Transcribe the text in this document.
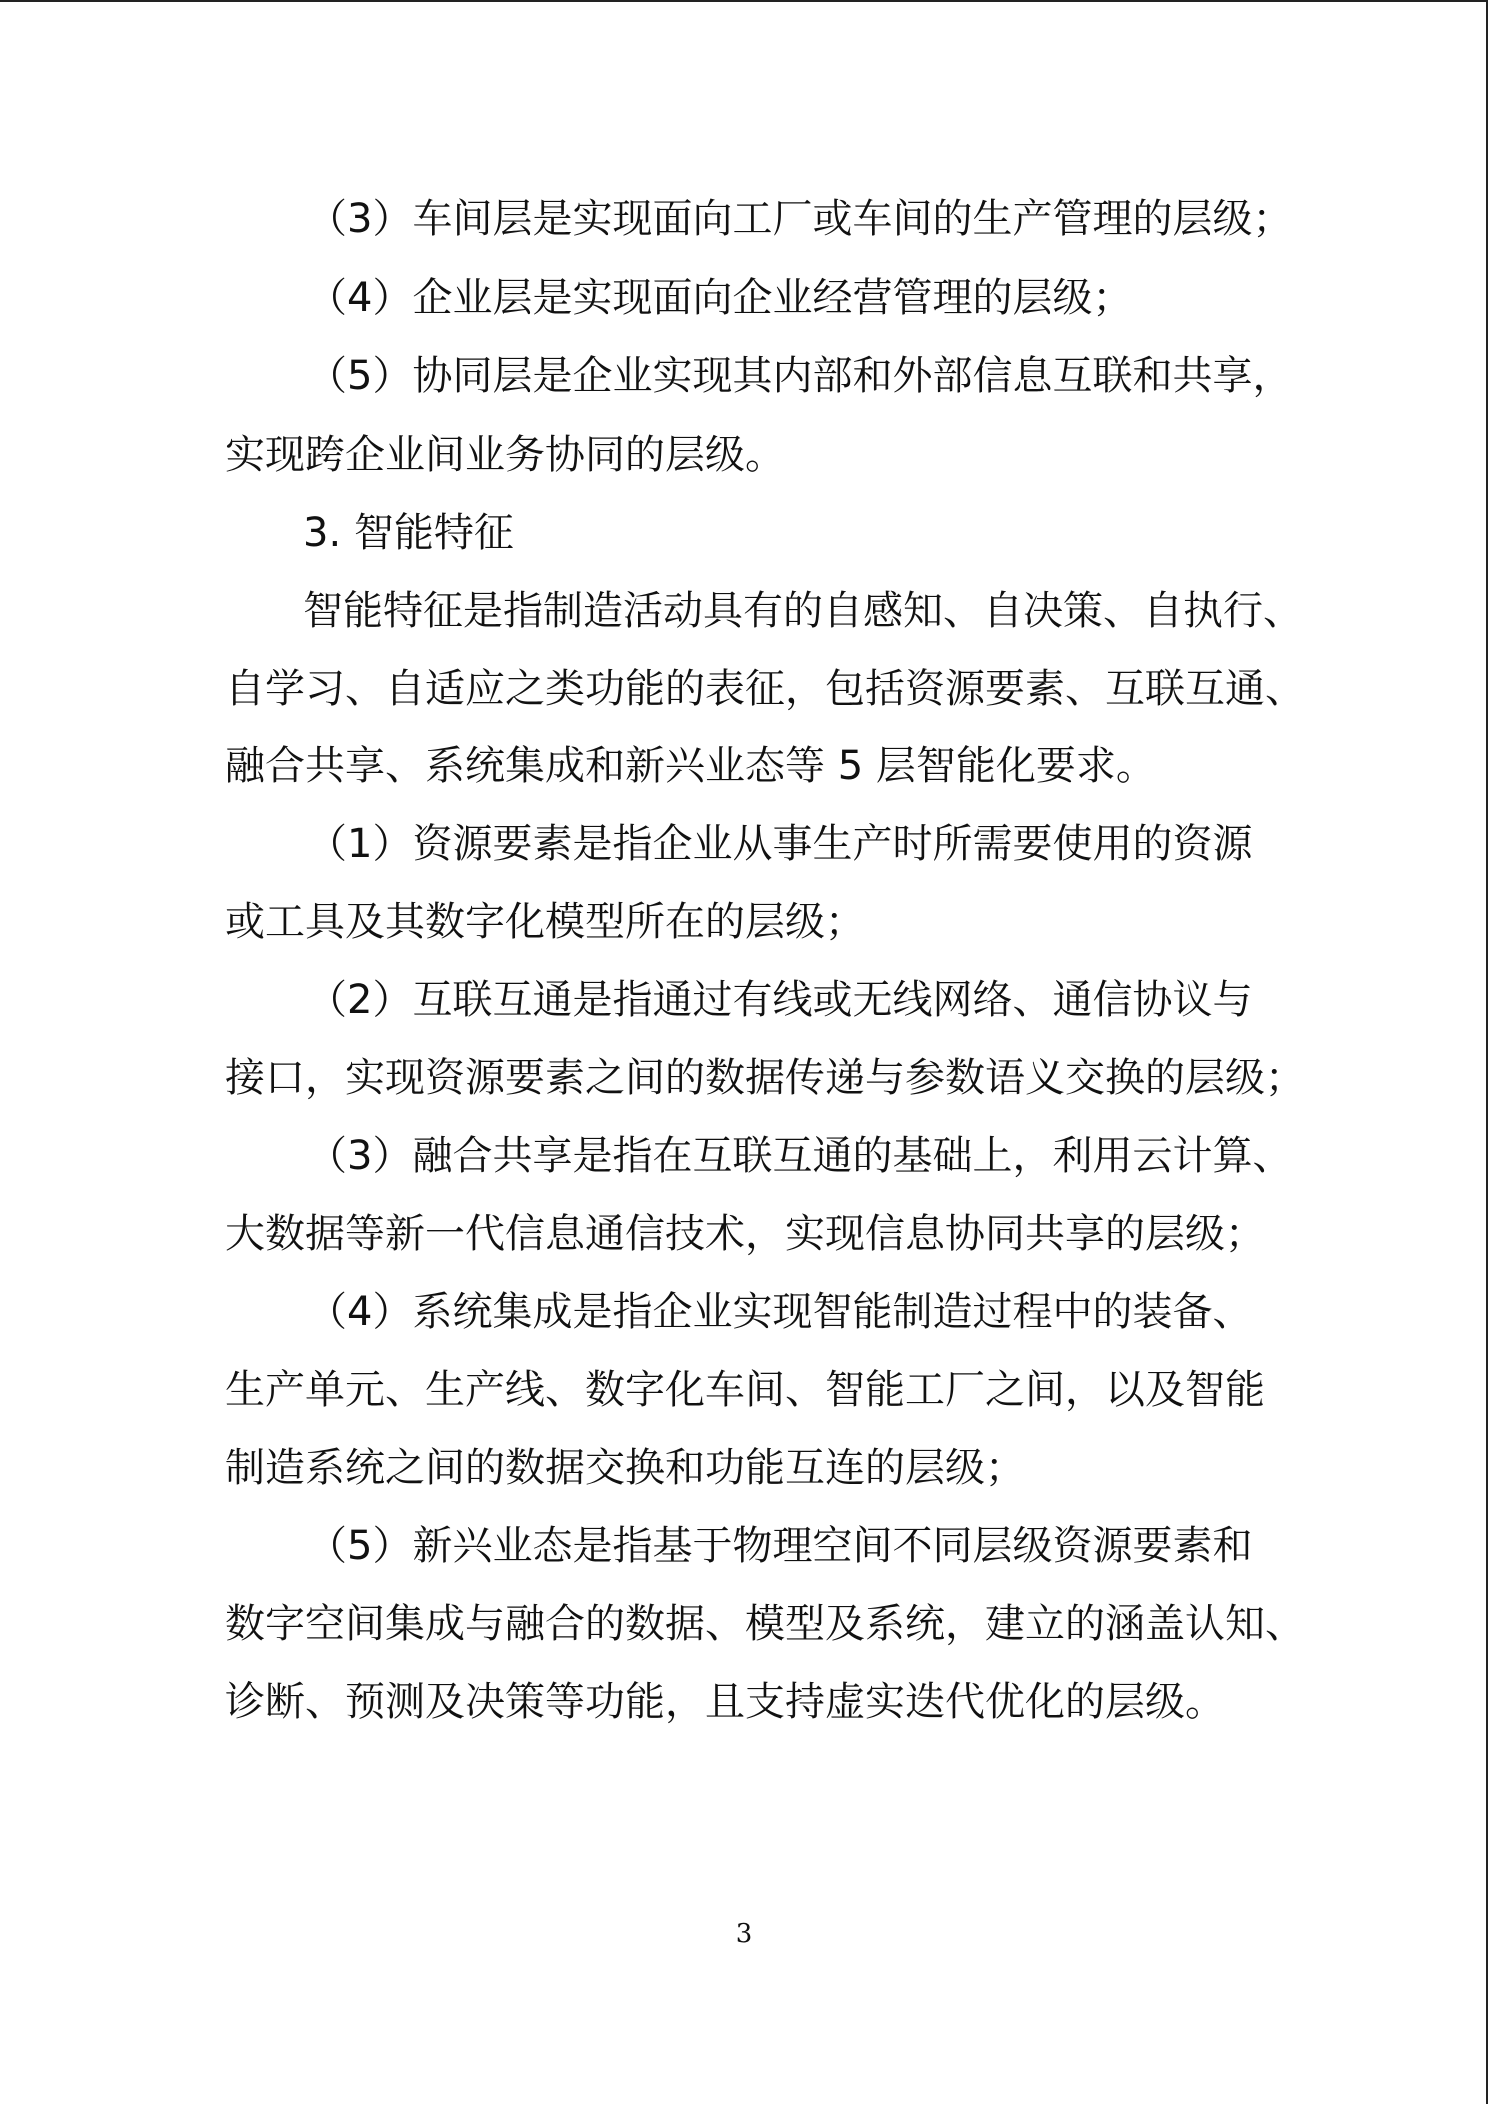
（3）车间层是实现面向工厂或车间的生产管理的层级；
（4）企业层是实现面向企业经营管理的层级；
（5）协同层是企业实现其内部和外部信息互联和共享，
实现跨企业间业务协同的层级。
3. 智能特征
智能特征是指制造活动具有的自感知、自决策、自执行、
自学习、自适应之类功能的表征，包括资源要素、互联互通、
融合共享、系统集成和新兴业态等 5 层智能化要求。
（1）资源要素是指企业从事生产时所需要使用的资源
或工具及其数字化模型所在的层级；
（2）互联互通是指通过有线或无线网络、通信协议与
接口，实现资源要素之间的数据传递与参数语义交换的层级；
（3）融合共享是指在互联互通的基础上，利用云计算、
大数据等新一代信息通信技术，实现信息协同共享的层级；
（4）系统集成是指企业实现智能制造过程中的装备、
生产单元、生产线、数字化车间、智能工厂之间，以及智能
制造系统之间的数据交换和功能互连的层级；
（5）新兴业态是指基于物理空间不同层级资源要素和
数字空间集成与融合的数据、模型及系统，建立的涵盖认知、
诊断、预测及决策等功能，且支持虚实迭代优化的层级。
3
